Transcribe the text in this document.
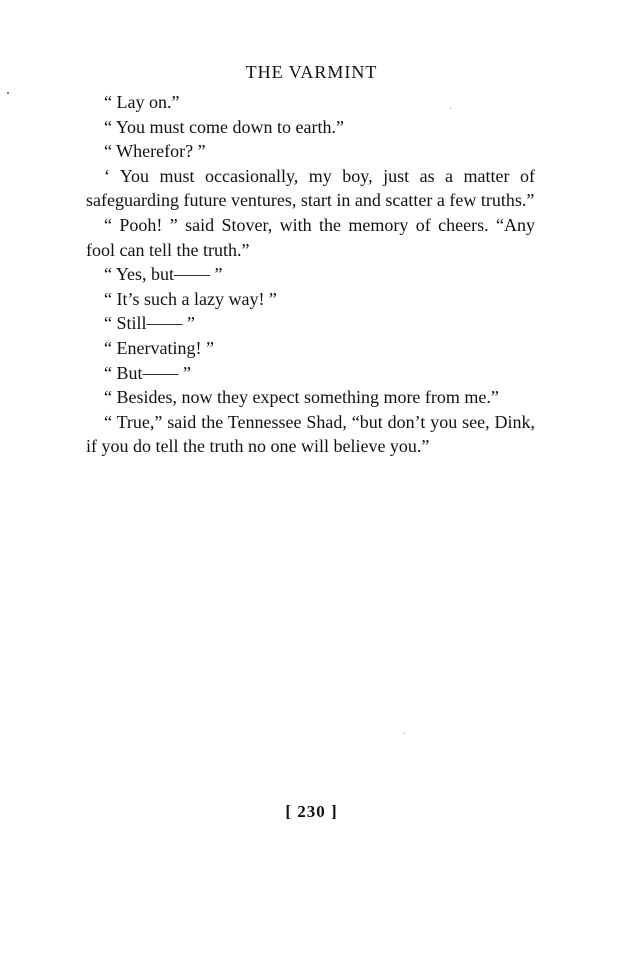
THE VARMINT

“ Lay on.”

“ You must come down to earth.”

“ Wherefor? ”

‘ You must occasionally, my boy, just as a matter of safeguarding future ventures, start in and scatter a few truths.”

“ Pooh! ” said Stover, with the memory of cheers. “Any fool can tell the truth.”

“ Yes, but—— ”

“ It’s such a lazy way! ”

“ Still—— ”

“ Enervating! ”

“ But—— ”

“ Besides, now they expect something more from me.”

“ True,” said the Tennessee Shad, “but don’t you see, Dink, if you do tell the truth no one will believe you.”

[ 230 ]
